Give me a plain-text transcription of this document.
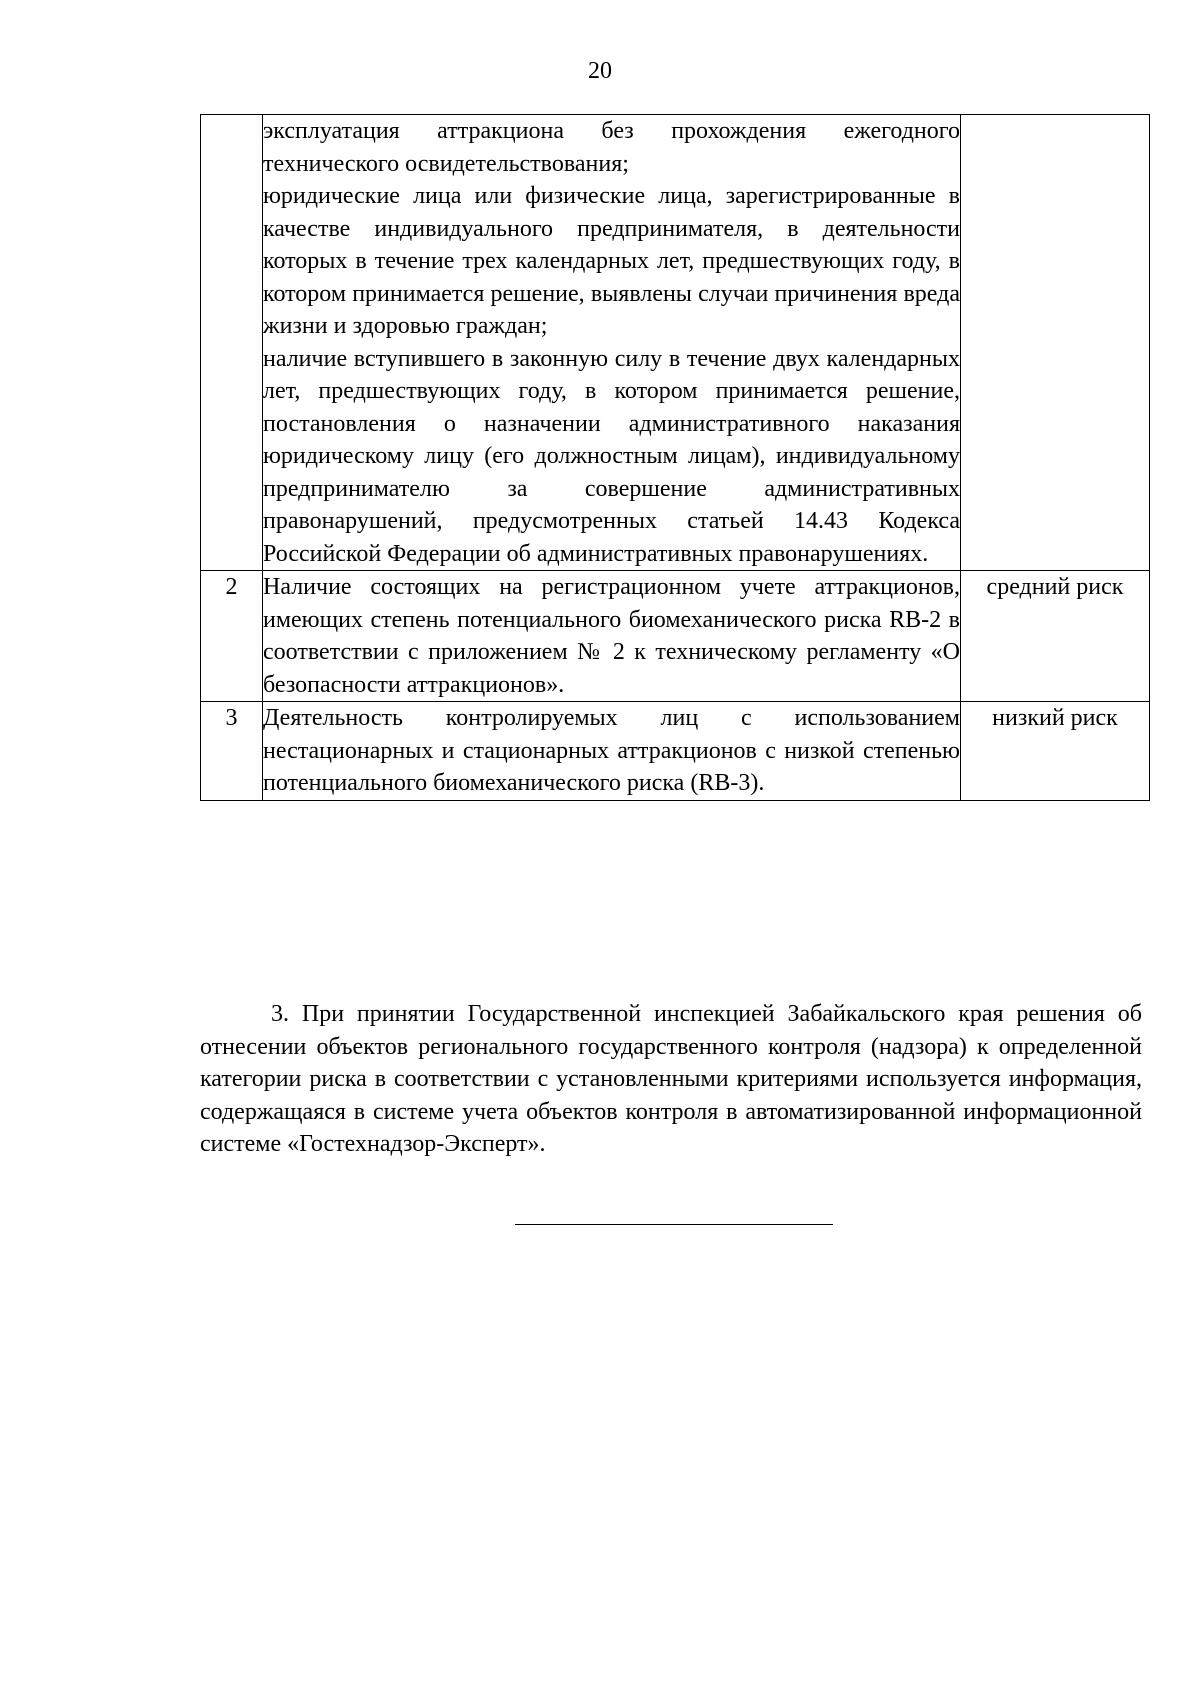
20

	эксплуатация аттракциона без прохождения ежегодного технического освидетельствования;
юридические лица или физические лица, зарегистрированные в качестве индивидуального предпринимателя, в деятельности которых в течение трех календарных лет, предшествующих году, в котором принимается решение, выявлены случаи причинения вреда жизни и здоровью граждан;
наличие вступившего в законную силу в течение двух календарных лет, предшествующих году, в котором принимается решение, постановления о назначении административного наказания юридическому лицу (его должностным лицам), индивидуальному предпринимателю за совершение административных правонарушений, предусмотренных статьей 14.43 Кодекса Российской Федерации об административных правонарушениях.	

2	Наличие состоящих на регистрационном учете аттракционов, имеющих степень потенциального биомеханического риска RB-2 в соответствии с приложением № 2 к техническому регламенту «О безопасности аттракционов».	средний риск
3	Деятельность контролируемых лиц с использованием нестационарных и стационарных аттракционов с низкой степенью потенциального биомеханического риска (RB-3).	низкий риск

3. При принятии Государственной инспекцией Забайкальского края решения об отнесении объектов регионального государственного контроля (надзора) к определенной категории риска в соответствии с установленными критериями используется информация, содержащаяся в системе учета объектов контроля в автоматизированной информационной системе «Гостехнадзор-Эксперт».
